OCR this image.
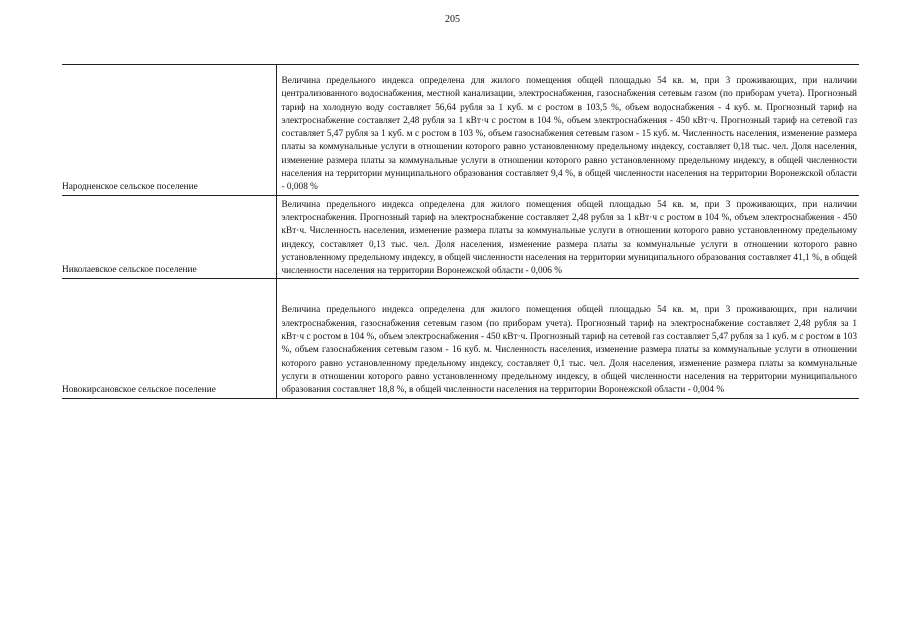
205
Народненское сельское поселение	Величина предельного индекса определена для жилого помещения общей площадью 54 кв. м, при 3 проживающих, при наличии централизованного водоснабжения, местной канализации, электроснабжения, газоснабжения сетевым газом (по приборам учета). Прогнозный тариф на холодную воду составляет 56,64 рубля за 1 куб. м с ростом в 103,5 %, объем водоснабжения - 4 куб. м. Прогнозный тариф на электроснабжение составляет 2,48 рубля за 1 кВт·ч с ростом в 104 %, объем электроснабжения - 450 кВт·ч. Прогнозный тариф на сетевой газ составляет 5,47 рубля за 1 куб. м с ростом в 103 %, объем газоснабжения сетевым газом - 15 куб. м. Численность населения, изменение размера платы за коммунальные услуги в отношении которого равно установленному предельному индексу, составляет 0,18 тыс. чел. Доля населения, изменение размера платы за коммунальные услуги в отношении которого равно установленному предельному индексу, в общей численности населения на территории муниципального образования составляет 9,4 %, в общей численности населения на территории Воронежской области - 0,008 %
Николаевское сельское поселение	Величина предельного индекса определена для жилого помещения общей площадью 54 кв. м, при 3 проживающих, при наличии электроснабжения. Прогнозный тариф на электроснабжение составляет 2,48 рубля за 1 кВт·ч с ростом в 104 %, объем электроснабжения - 450 кВт·ч. Численность населения, изменение размера платы за коммунальные услуги в отношении которого равно установленному предельному индексу, составляет 0,13 тыс. чел. Доля населения, изменение размера платы за коммунальные услуги в отношении которого равно установленному предельному индексу, в общей численности населения на территории муниципального образования составляет 41,1 %, в общей численности населения на территории Воронежской области - 0,006 %
Новокирсановское сельское поселение	Величина предельного индекса определена для жилого помещения общей площадью 54 кв. м, при 3 проживающих, при наличии электроснабжения, газоснабжения сетевым газом (по приборам учета). Прогнозный тариф на электроснабжение составляет 2,48 рубля за 1 кВт·ч с ростом в 104 %, объем электроснабжения - 450 кВт·ч. Прогнозный тариф на сетевой газ составляет 5,47 рубля за 1 куб. м с ростом в 103 %, объем газоснабжения сетевым газом - 16 куб. м. Численность населения, изменение размера платы за коммунальные услуги в отношении которого равно установленному предельному индексу, составляет 0,1 тыс. чел. Доля населения, изменение размера платы за коммунальные услуги в отношении которого равно установленному предельному индексу, в общей численности населения на территории муниципального образования составляет 18,8 %, в общей численности населения на территории Воронежской области - 0,004 %
